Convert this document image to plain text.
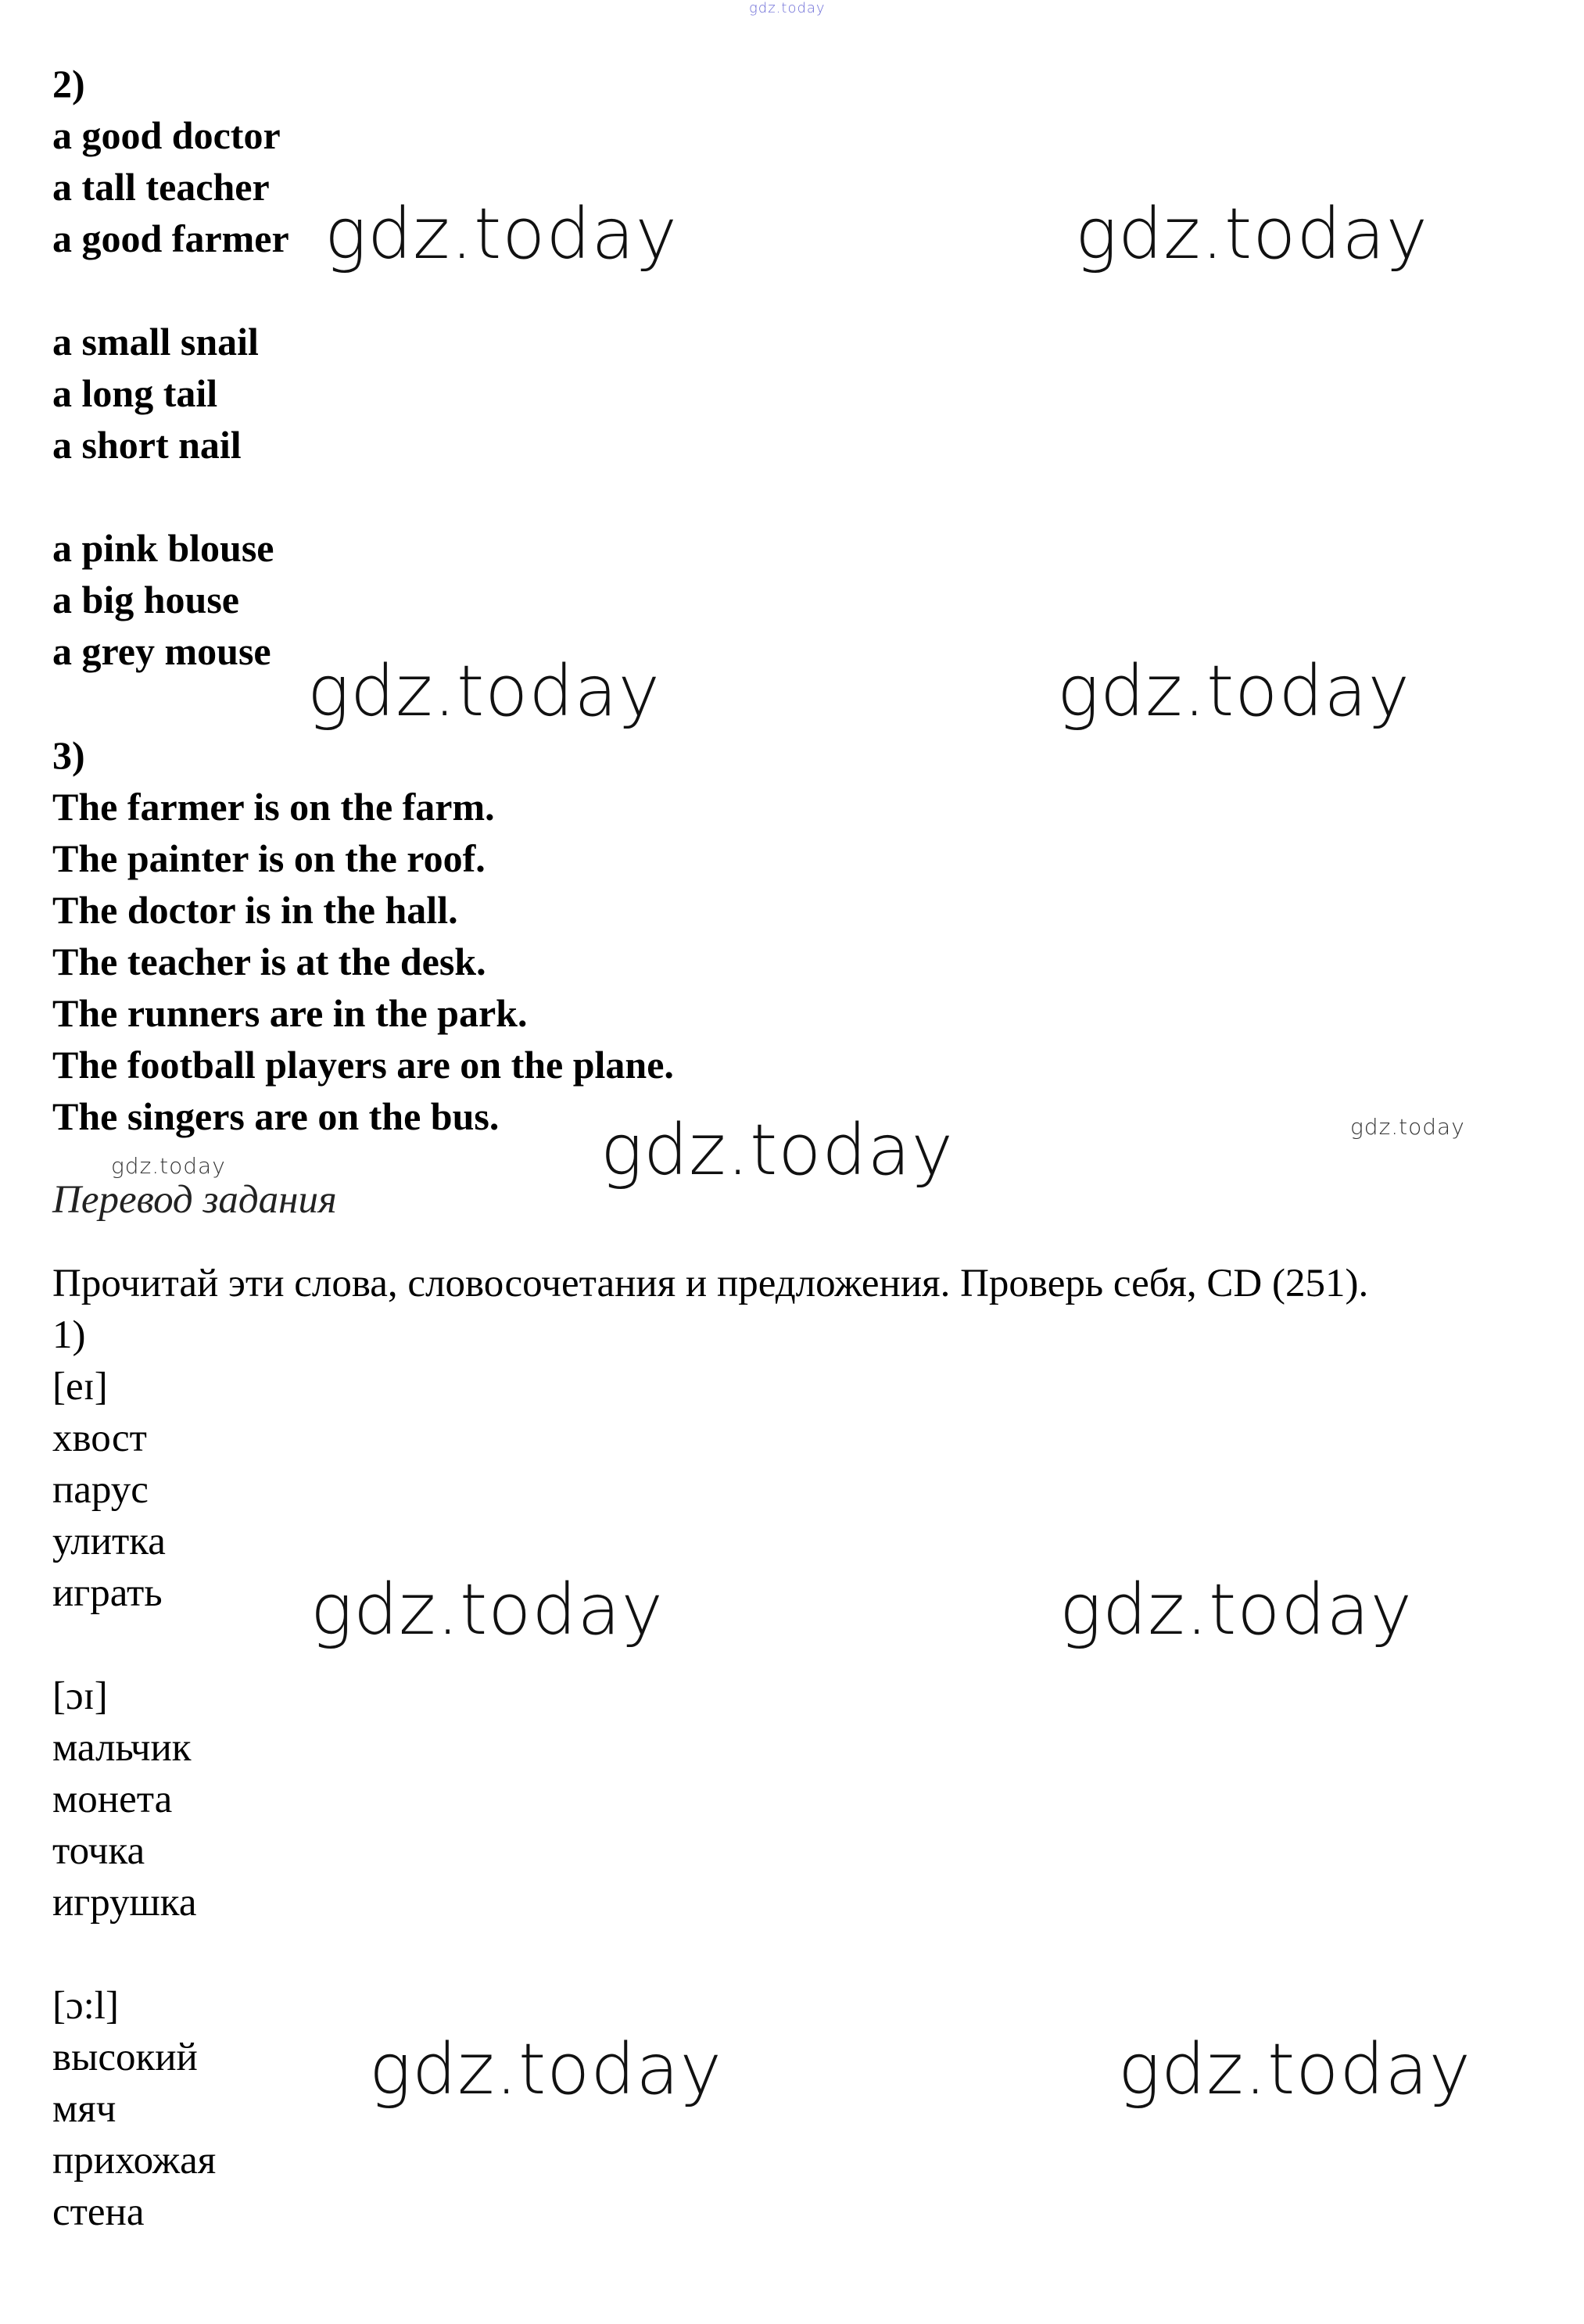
gdz.today
2)
a good doctor
a tall teacher
a good farmer
a small snail
a long tail
a short nail
a pink blouse
a big house
a grey mouse
3)
The farmer is on the farm.
The painter is on the roof.
The doctor is in the hall.
The teacher is at the desk.
The runners are in the park.
The football players are on the plane.
The singers are on the bus.
Перевод задания
Прочитай эти слова, словосочетания и предложения. Проверь себя, CD (251).
1)
[eɪ]
хвост
парус
улитка
играть
[ɔɪ]
мальчик
монета
точка
игрушка
[ɔ:l]
высокий
мяч
прихожая
стена
gdz.today	gdz.today
gdz.today	gdz.today
gdz.today	gdz.today
gdz.today
gdz.today	gdz.today
gdz.today	gdz.today
